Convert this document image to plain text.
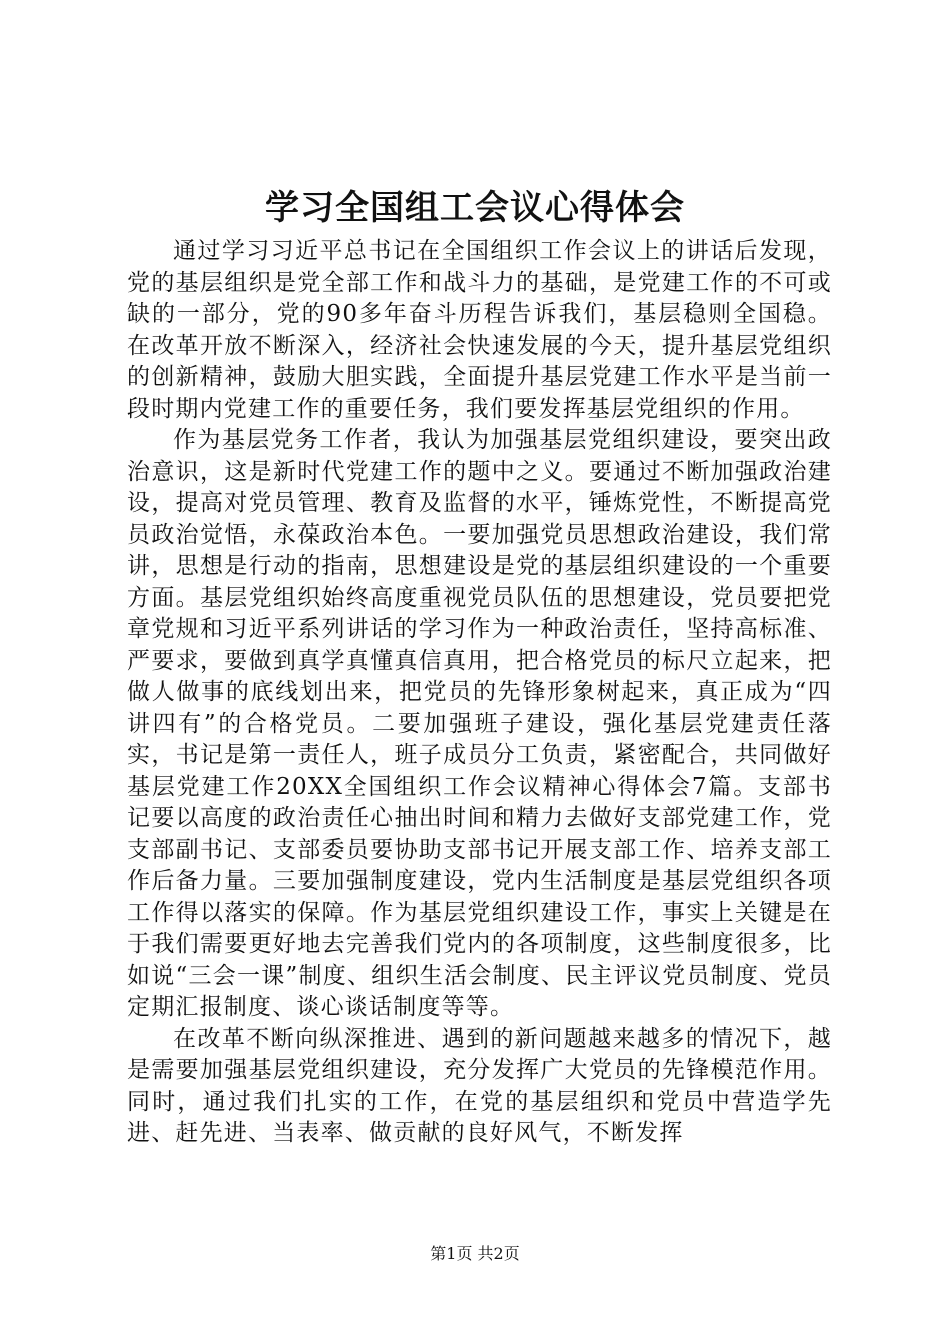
学习全国组工会议心得体会

通过学习习近平总书记在全国组织工作会议上的讲话后发现，党的基层组织是党全部工作和战斗力的基础，是党建工作的不可或缺的一部分，党的90多年奋斗历程告诉我们，基层稳则全国稳。在改革开放不断深入，经济社会快速发展的今天，提升基层党组织的创新精神，鼓励大胆实践，全面提升基层党建工作水平是当前一段时期内党建工作的重要任务，我们要发挥基层党组织的作用。

作为基层党务工作者，我认为加强基层党组织建设，要突出政治意识，这是新时代党建工作的题中之义。要通过不断加强政治建设，提高对党员管理、教育及监督的水平，锤炼党性，不断提高党员政治觉悟，永葆政治本色。一要加强党员思想政治建设，我们常讲，思想是行动的指南，思想建设是党的基层组织建设的一个重要方面。基层党组织始终高度重视党员队伍的思想建设，党员要把党章党规和习近平系列讲话的学习作为一种政治责任，坚持高标准、严要求，要做到真学真懂真信真用，把合格党员的标尺立起来，把做人做事的底线划出来，把党员的先锋形象树起来，真正成为“四讲四有”的合格党员。二要加强班子建设，强化基层党建责任落实，书记是第一责任人，班子成员分工负责，紧密配合，共同做好基层党建工作20XX全国组织工作会议精神心得体会7篇。支部书记要以高度的政治责任心抽出时间和精力去做好支部党建工作，党支部副书记、支部委员要协助支部书记开展支部工作、培养支部工作后备力量。三要加强制度建设，党内生活制度是基层党组织各项工作得以落实的保障。作为基层党组织建设工作，事实上关键是在于我们需要更好地去完善我们党内的各项制度，这些制度很多，比如说“三会一课”制度、组织生活会制度、民主评议党员制度、党员定期汇报制度、谈心谈话制度等等。

在改革不断向纵深推进、遇到的新问题越来越多的情况下，越是需要加强基层党组织建设，充分发挥广大党员的先锋模范作用。同时，通过我们扎实的工作，在党的基层组织和党员中营造学先进、赶先进、当表率、做贡献的良好风气，不断发挥

第1页 共2页
